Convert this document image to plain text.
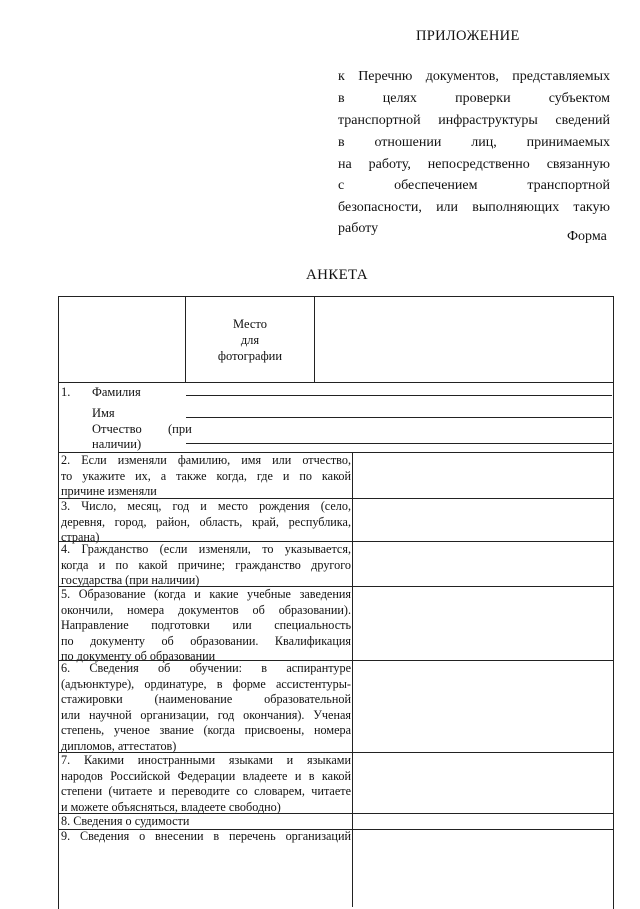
ПРИЛОЖЕНИЕ
к Перечню документов, представляемых
в целях проверки субъектом
транспортной инфраструктуры сведений
в отношении лиц, принимаемых
на работу, непосредственно связанную
с обеспечением транспортной
безопасности, или выполняющих такую
работу
Форма
АНКЕТА
Место
для
фотографии
1. Фамилия
Имя
Отчество (при
наличии)
2. Если изменяли фамилию, имя или отчество,
то укажите их, а также когда, где и по какой
причине изменяли
3. Число, месяц, год и место рождения (село,
деревня, город, район, область, край, республика,
страна)
4. Гражданство (если изменяли, то указывается,
когда и по какой причине; гражданство другого
государства (при наличии)
5. Образование (когда и какие учебные заведения
окончили, номера документов об образовании).
Направление подготовки или специальность
по документу об образовании. Квалификация
по документу об образовании
6. Сведения об обучении: в аспирантуре
(адъюнктуре), ординатуре, в форме ассистентуры-
стажировки (наименование образовательной
или научной организации, год окончания). Ученая
степень, ученое звание (когда присвоены, номера
дипломов, аттестатов)
7. Какими иностранными языками и языками
народов Российской Федерации владеете и в какой
степени (читаете и переводите со словарем, читаете
и можете объясняться, владеете свободно)
8. Сведения о судимости
9. Сведения о внесении в перечень организаций
